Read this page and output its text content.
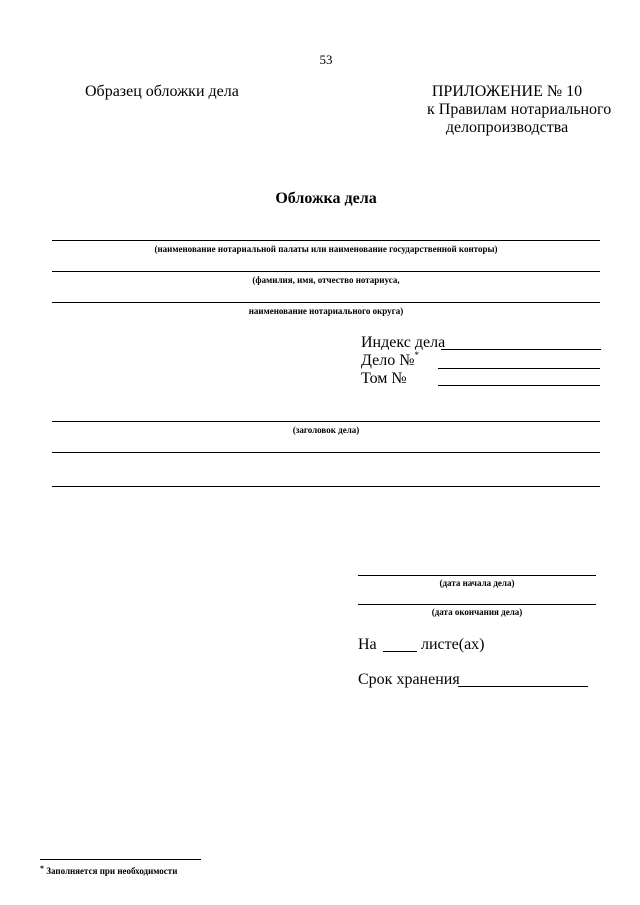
53
Образец обложки дела	ПРИЛОЖЕНИЕ № 10
к Правилам нотариального
делопроизводства
Обложка дела
(наименование нотариальной палаты или наименование государственной конторы)
(фамилия, имя, отчество нотариуса,
наименование нотариального округа)
Индекс дела
Дело №*
Том №
(заголовок дела)
(дата начала дела)
(дата окончания дела)
На	листе(ах)
Срок хранения
* Заполняется при необходимости
